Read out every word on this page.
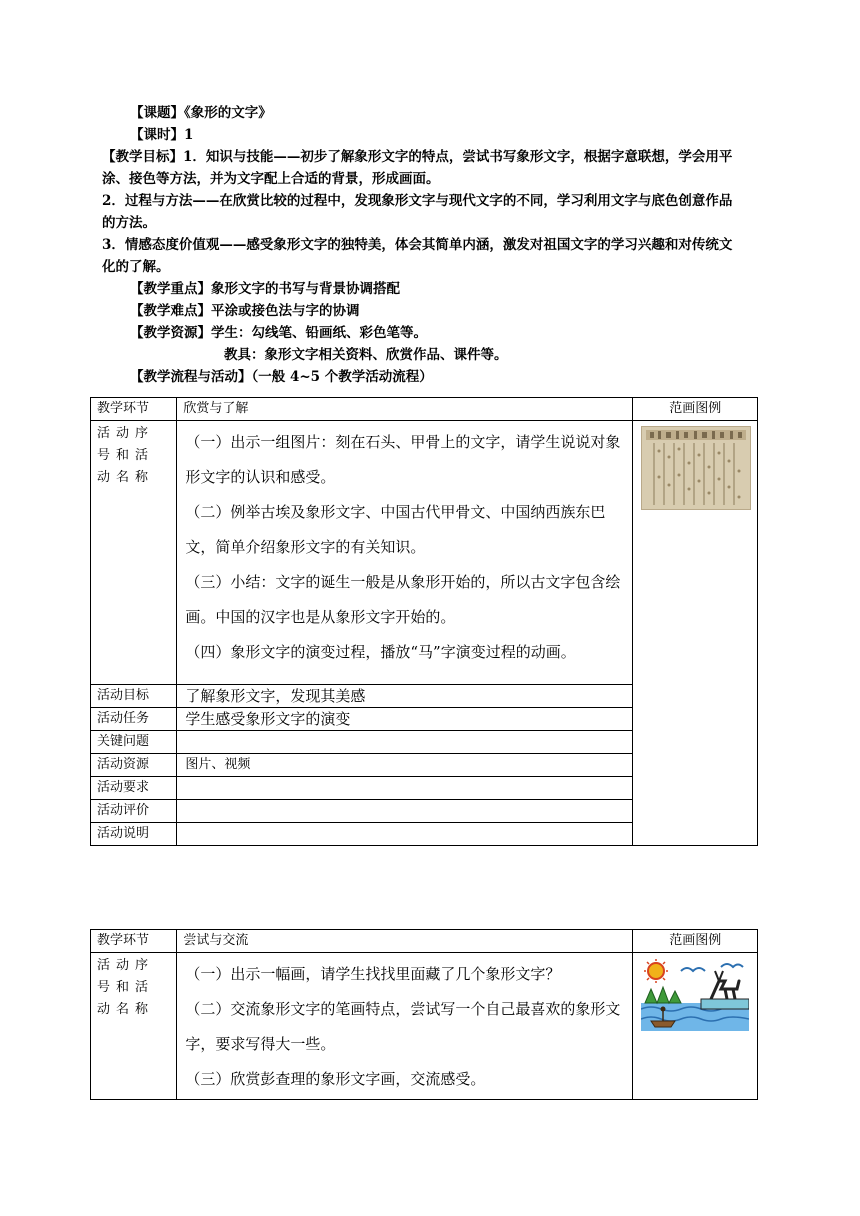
【课题】《象形的文字》

【课时】1

【教学目标】1．知识与技能——初步了解象形文字的特点，尝试书写象形文字，根据字意联想，学会用平涂、接色等方法，并为文字配上合适的背景，形成画面。

2．过程与方法——在欣赏比较的过程中，发现象形文字与现代文字的不同，学习利用文字与底色创意作品的方法。

3．情感态度价值观——感受象形文字的独特美，体会其简单内涵，激发对祖国文字的学习兴趣和对传统文化的了解。

【教学重点】象形文字的书写与背景协调搭配

【教学难点】平涂或接色法与字的协调

【教学资源】学生：勾线笔、铅画纸、彩色笔等。

教具：象形文字相关资料、欣赏作品、课件等。

【教学流程与活动】（一般 4~5 个教学活动流程）

教学环节	欣赏与了解	范画图例
活动序号和活动名称	（一）出示一组图片：刻在石头、甲骨上的文字，请学生说说对象形文字的认识和感受。

（二）例举古埃及象形文字、中国古代甲骨文、中国纳西族东巴文，简单介绍象形文字的有关知识。

（三）小结：文字的诞生一般是从象形开始的，所以古文字包含绘画。中国的汉字也是从象形文字开始的。

（四）象形文字的演变过程，播放“马”字演变过程的动画。

活动目标	了解象形文字，发现其美感	
活动任务	学生感受象形文字的演变	
关键问题		
活动资源	图片、视频	
活动要求		
活动评价		
活动说明		
教学环节	尝试与交流	范画图例
活动序号和活动名称	（一）出示一幅画，请学生找找里面藏了几个象形文字？

（二）交流象形文字的笔画特点，尝试写一个自己最喜欢的象形文字，要求写得大一些。

（三）欣赏彭查理的象形文字画，交流感受。
